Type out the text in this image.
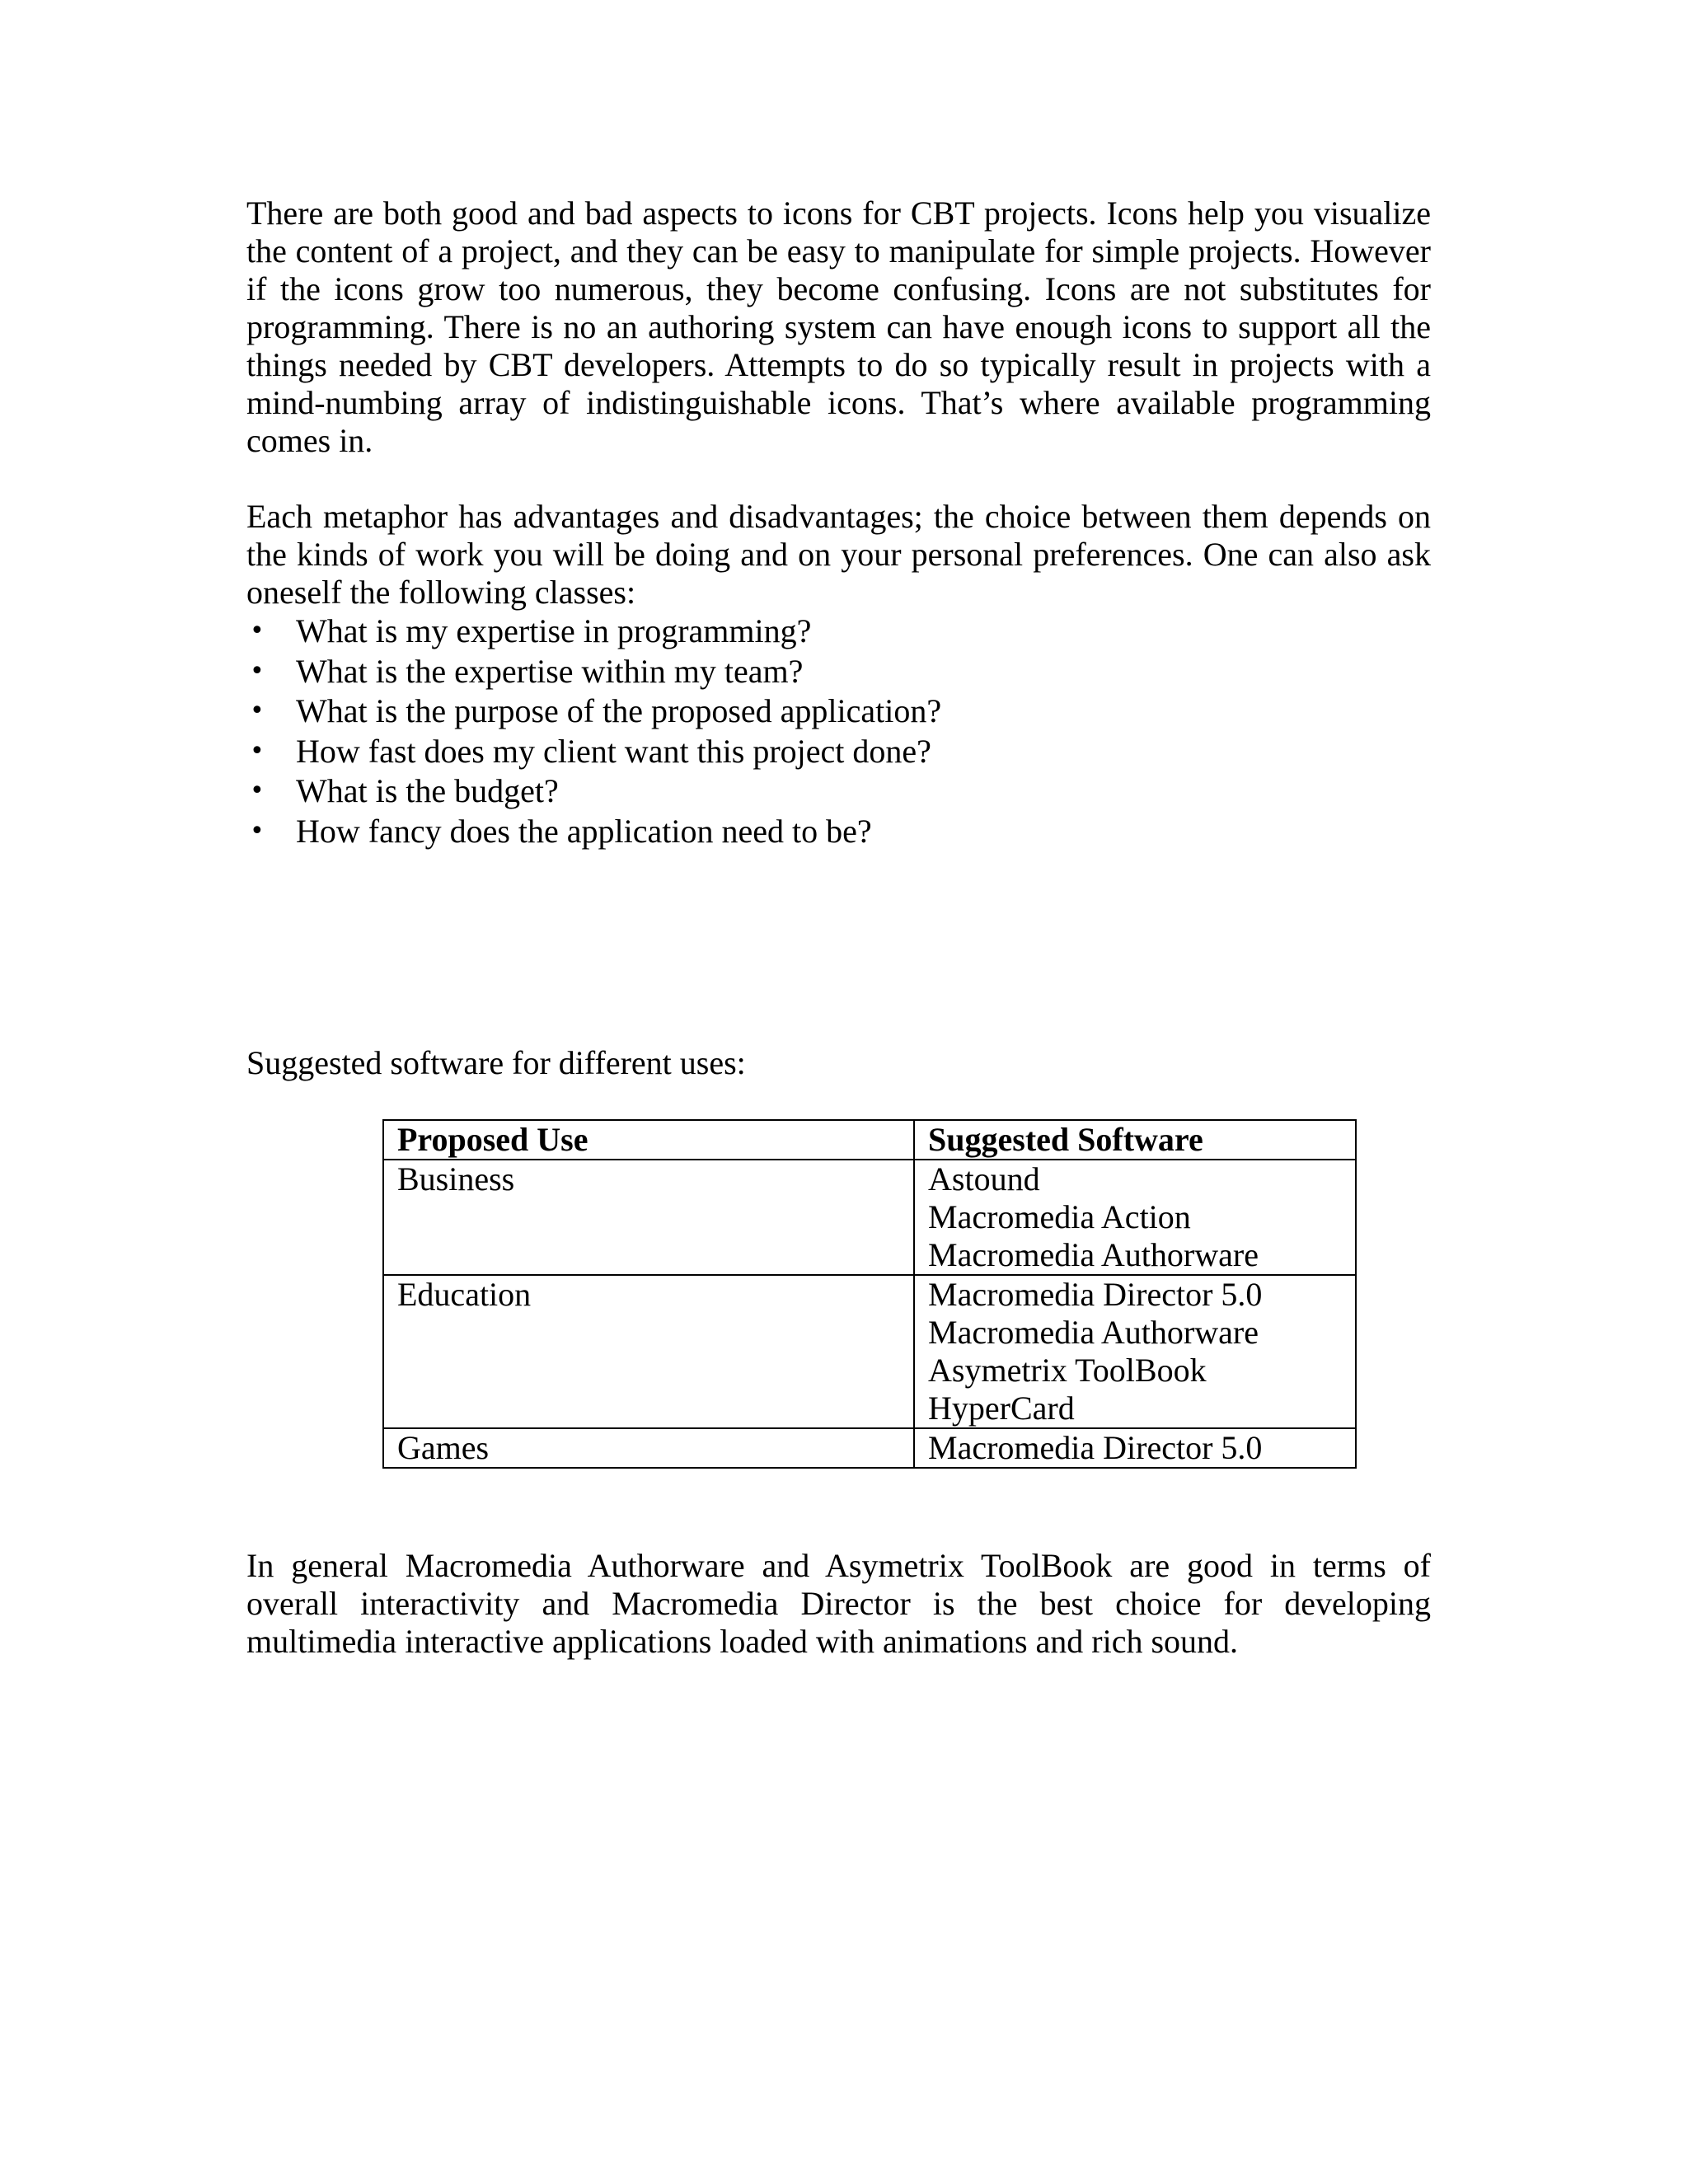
There are both good and bad aspects to icons for CBT projects. Icons help you visualize the content of a project, and they can be easy to manipulate for simple projects. However if the icons grow too numerous, they become confusing. Icons are not substitutes for programming. There is no an authoring system can have enough icons to support all the things needed by CBT developers. Attempts to do so typically result in projects with a mind-numbing array of indistinguishable icons. That’s where available programming comes in.

Each metaphor has advantages and disadvantages; the choice between them depends on the kinds of work you will be doing and on your personal preferences. One can also ask oneself the following classes:

• What is my expertise in programming?
• What is the expertise within my team?
• What is the purpose of the proposed application?
• How fast does my client want this project done?
• What is the budget?
• How fancy does the application need to be?
Suggested software for different uses:
Proposed Use	Suggested Software
Business	Astound
Macromedia Action
Macromedia Authorware

Education	Macromedia Director 5.0
Macromedia Authorware
Asymetrix ToolBook
HyperCard

Games	Macromedia Director 5.0

In general Macromedia Authorware and Asymetrix ToolBook are good in terms of overall interactivity and Macromedia Director is the best choice for developing multimedia interactive applications loaded with animations and rich sound.
